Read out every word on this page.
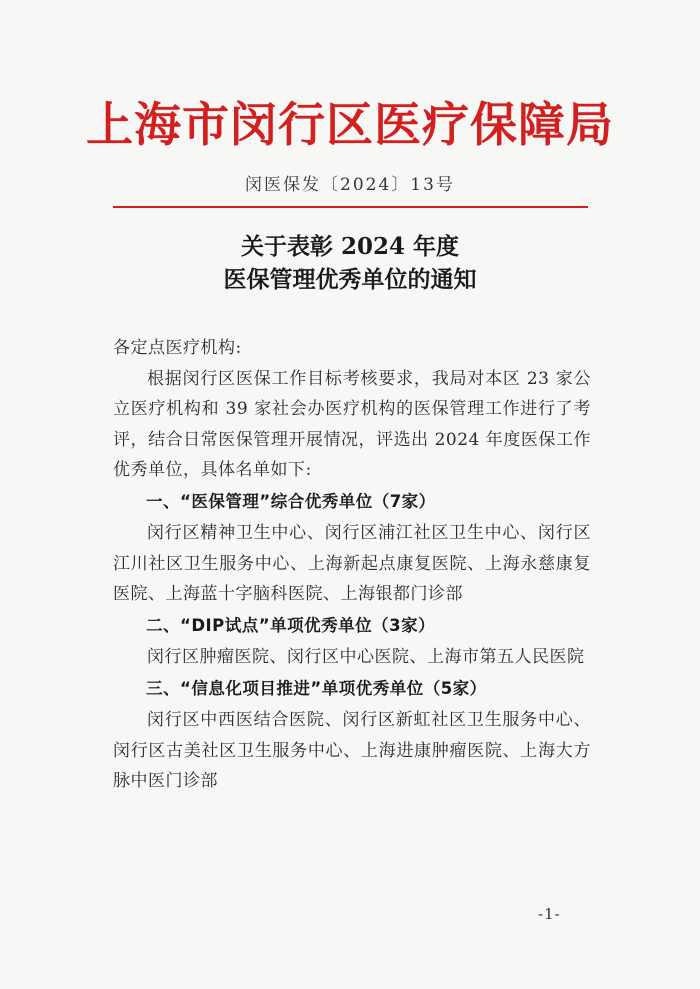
上海市闵行区医疗保障局
闵医保发〔2024〕13号
关于表彰 2024 年度
医保管理优秀单位的通知

各定点医疗机构:

根据闵行区医保工作目标考核要求，我局对本区 23 家公立医疗机构和 39 家社会办医疗机构的医保管理工作进行了考评，结合日常医保管理开展情况，评选出 2024 年度医保工作优秀单位，具体名单如下:

一、“医保管理”综合优秀单位（7家）

闵行区精神卫生中心、闵行区浦江社区卫生中心、闵行区江川社区卫生服务中心、上海新起点康复医院、上海永慈康复医院、上海蓝十字脑科医院、上海银都门诊部

二、“DIP试点”单项优秀单位（3家）

闵行区肿瘤医院、闵行区中心医院、上海市第五人民医院

三、“信息化项目推进”单项优秀单位（5家）

闵行区中西医结合医院、闵行区新虹社区卫生服务中心、闵行区古美社区卫生服务中心、上海进康肿瘤医院、上海大方脉中医门诊部

-1-
